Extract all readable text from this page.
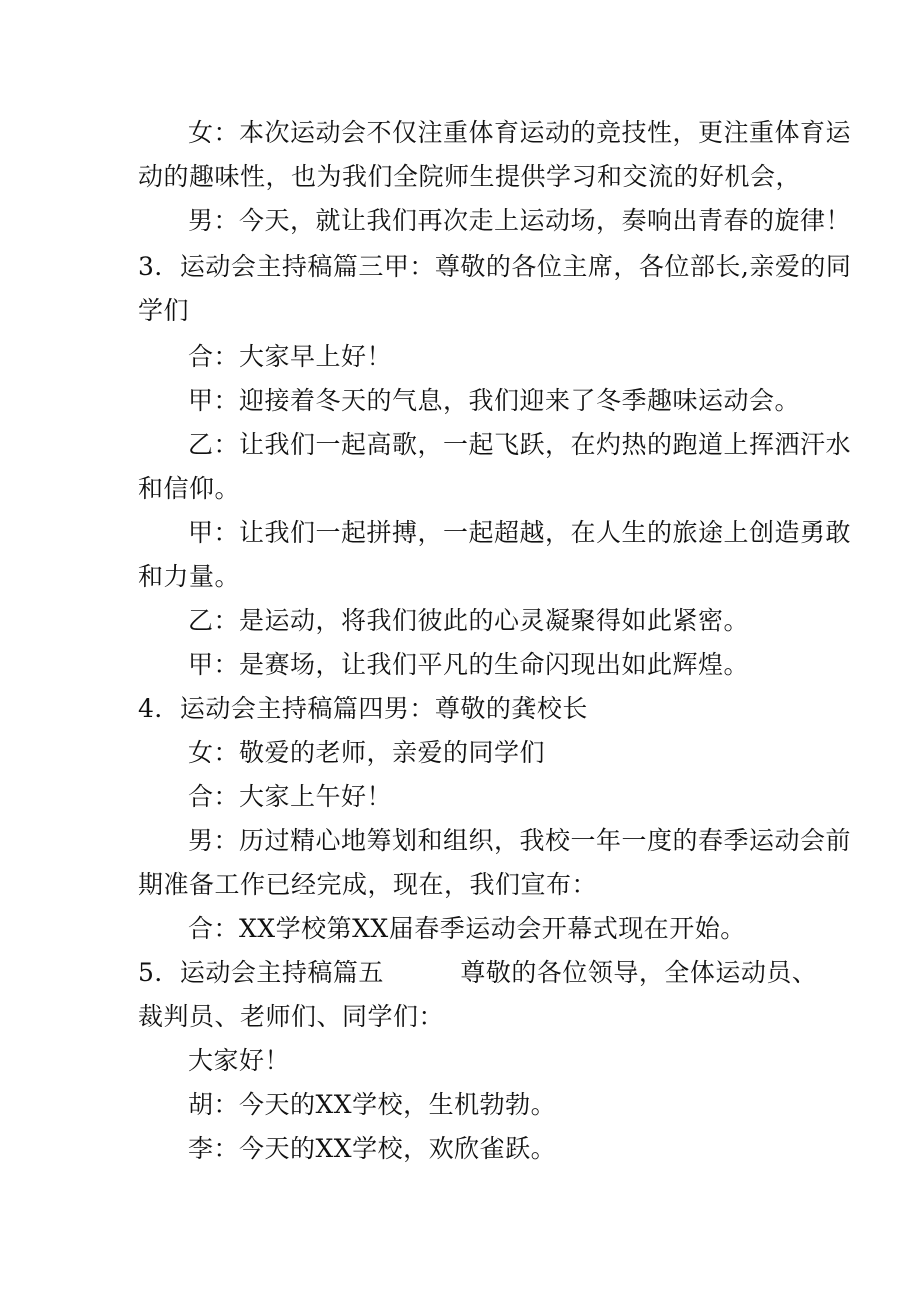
女：本次运动会不仅注重体育运动的竞技性，更注重体育运
动的趣味性，也为我们全院师生提供学习和交流的好机会，
男：今天，就让我们再次走上运动场，奏响出青春的旋律！
3．运动会主持稿篇三甲：尊敬的各位主席，各位部长,亲爱的同
学们
合：大家早上好！
甲：迎接着冬天的气息，我们迎来了冬季趣味运动会。
乙：让我们一起高歌，一起飞跃，在灼热的跑道上挥洒汗水
和信仰。
甲：让我们一起拼搏，一起超越，在人生的旅途上创造勇敢
和力量。
乙：是运动，将我们彼此的心灵凝聚得如此紧密。
甲：是赛场，让我们平凡的生命闪现出如此辉煌。
4．运动会主持稿篇四男：尊敬的龚校长
女：敬爱的老师，亲爱的同学们
合：大家上午好！
男：历过精心地筹划和组织，我校一年一度的春季运动会前
期准备工作已经完成，现在，我们宣布：
合：XX学校第XX届春季运动会开幕式现在开始。
5．运动会主持稿篇五　　　尊敬的各位领导，全体运动员、
裁判员、老师们、同学们：
大家好！
胡：今天的XX学校，生机勃勃。
李：今天的XX学校，欢欣雀跃。
